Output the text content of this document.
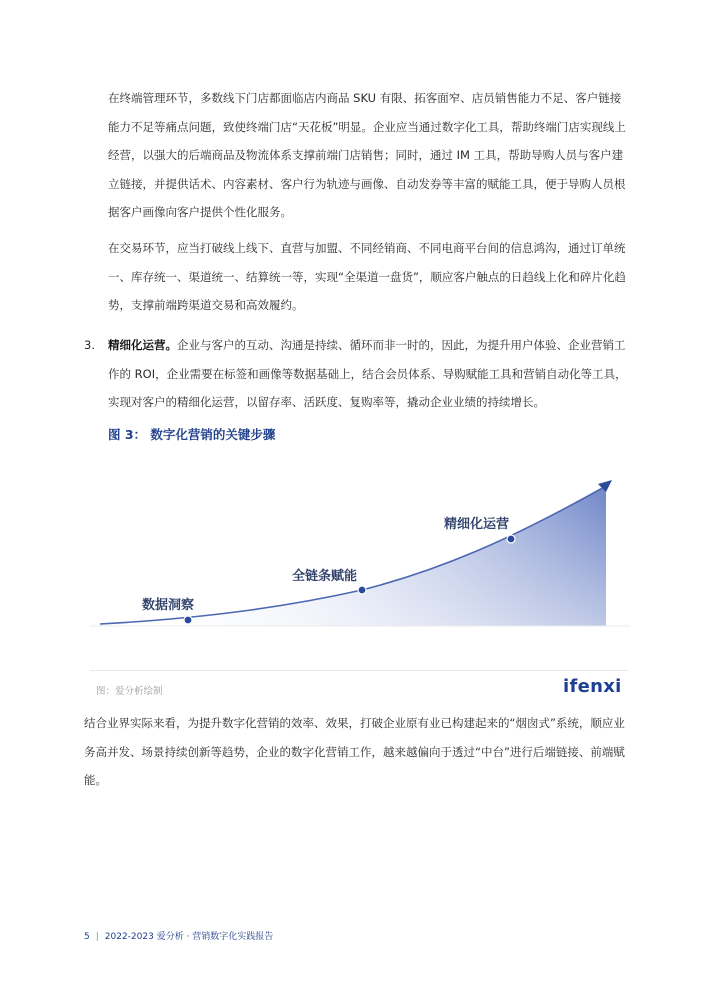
在终端管理环节，多数线下门店都面临店内商品 SKU 有限、拓客面窄、店员销售能力不足、客户链接能力不足等痛点问题，致使终端门店“天花板”明显。企业应当通过数字化工具，帮助终端门店实现线上经营，以强大的后端商品及物流体系支撑前端门店销售；同时，通过 IM 工具，帮助导购人员与客户建立链接，并提供话术、内容素材、客户行为轨迹与画像、自动发券等丰富的赋能工具，便于导购人员根据客户画像向客户提供个性化服务。

在交易环节，应当打破线上线下、直营与加盟、不同经销商、不同电商平台间的信息鸿沟，通过订单统一、库存统一、渠道统一、结算统一等，实现“全渠道一盘货”，顺应客户触点的日趋线上化和碎片化趋势，支撑前端跨渠道交易和高效履约。

3. 精细化运营。企业与客户的互动、沟通是持续、循环而非一时的，因此，为提升用户体验、企业营销工作的 ROI，企业需要在标签和画像等数据基础上，结合会员体系、导购赋能工具和营销自动化等工具，实现对客户的精细化运营，以留存率、活跃度、复购率等，撬动企业业绩的持续增长。

图 3： 数字化营销的关键步骤
数据洞察
全链条赋能
精细化运营
图：爱分析绘制	ifenxi

结合业界实际来看，为提升数字化营销的效率、效果，打破企业原有业已构建起来的“烟囱式”系统，顺应业务高并发、场景持续创新等趋势，企业的数字化营销工作，越来越偏向于透过“中台”进行后端链接、前端赋能。

5 | 2022-2023 爱分析 · 营销数字化实践报告
